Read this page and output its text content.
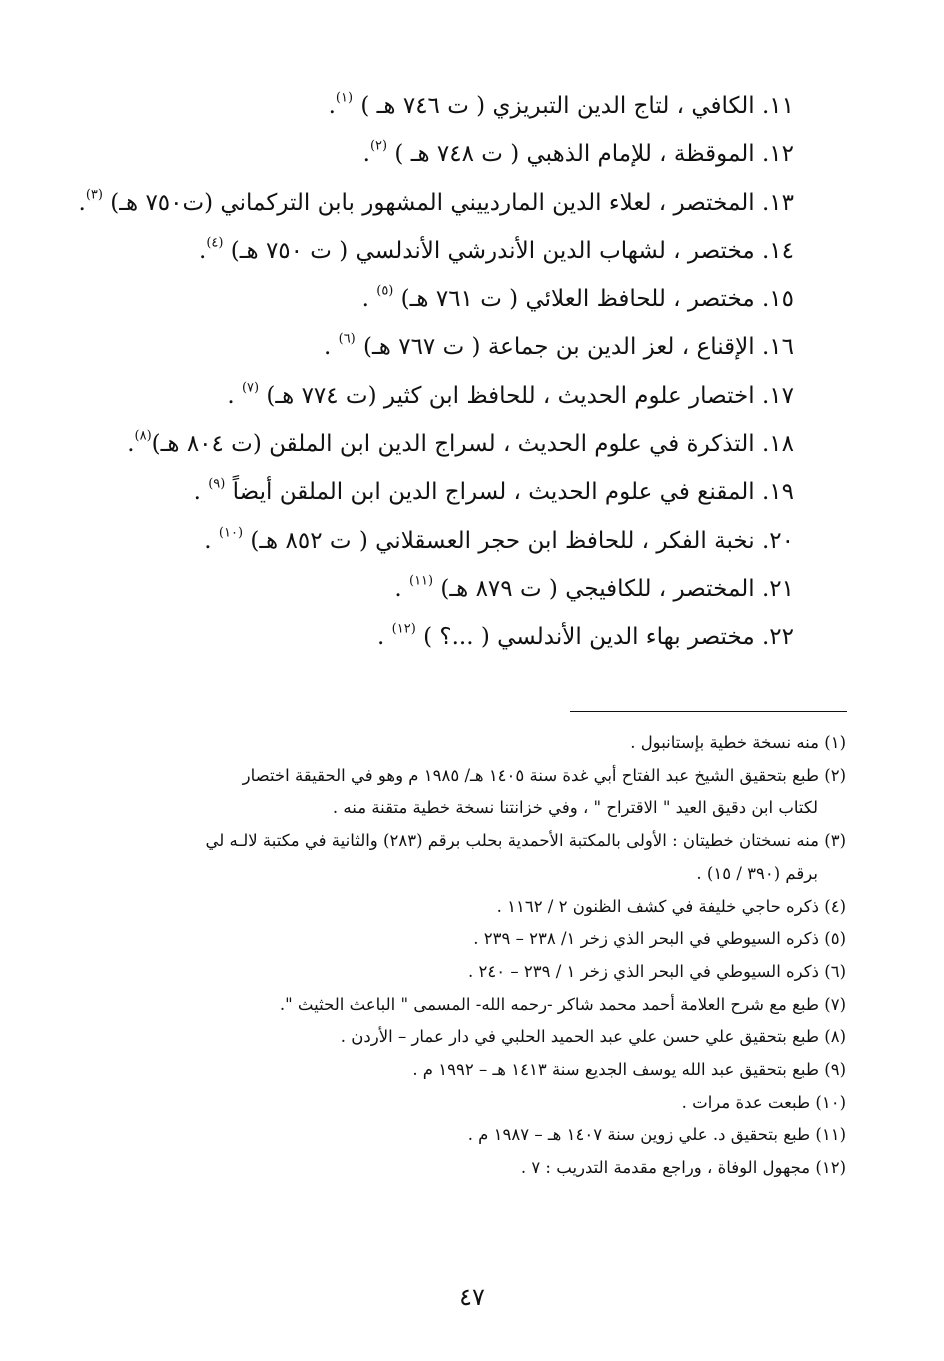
١١. الكافي ، لتاج الدين التبريزي ( ت ٧٤٦ هـ ) $^{(١)}$.
١٢. الموقظة ، للإمام الذهبي ( ت ٧٤٨ هـ ) $^{(٢)}$.
١٣. المختصر ، لعلاء الدين الماردييني المشهور بابن التركماني (ت٧٥٠ هـ) $^{(٣)}$.
١٤. مختصر ، لشهاب الدين الأندرشي الأندلسي ( ت ٧٥٠ هـ) $^{(٤)}$.
١٥. مختصر ، للحافظ العلائي ( ت ٧٦١ هـ) $^{(٥)}$ .
١٦. الإقناع ، لعز الدين بن جماعة ( ت ٧٦٧ هـ) $^{(٦)}$ .
١٧. اختصار علوم الحديث ، للحافظ ابن كثير (ت ٧٧٤ هـ) $^{(٧)}$ .
١٨. التذكرة في علوم الحديث ، لسراج الدين ابن الملقن (ت ٨٠٤ هـ)$^{(٨)}$.
١٩. المقنع في علوم الحديث ، لسراج الدين ابن الملقن أيضاً $^{(٩)}$ .
٢٠. نخبة الفكر ، للحافظ ابن حجر العسقلاني ( ت ٨٥٢ هـ) $^{(١٠)}$ .
٢١. المختصر ، للكافيجي ( ت ٨٧٩ هـ) $^{(١١)}$ .
٢٢. مختصر بهاء الدين الأندلسي ( ...؟ ) $^{(١٢)}$ .
(١) منه نسخة خطية بإستانبول .
(٢) طبع بتحقيق الشيخ عبد الفتاح أبي غدة سنة ١٤٠٥ هـ/ ١٩٨٥ م وهو في الحقيقة اختصار
لكتاب ابن دقيق العيد " الاقتراح " ، وفي خزانتنا نسخة خطية متقنة منه .
(٣) منه نسختان خطيتان : الأولى بالمكتبة الأحمدية بحلب برقم (٢٨٣) والثانية في مكتبة لالـه لي
برقم (٣٩٠ / ١٥) .
(٤) ذكره حاجي خليفة في كشف الظنون ٢ / ١١٦٢ .
(٥) ذكره السيوطي في البحر الذي زخر ١/ ٢٣٨ – ٢٣٩ .
(٦) ذكره السيوطي في البحر الذي زخر ١ / ٢٣٩ – ٢٤٠ .
(٧) طبع مع شرح العلامة أحمد محمد شاكر -رحمه الله- المسمى " الباعث الحثيث ".
(٨) طبع بتحقيق علي حسن علي عبد الحميد الحلبي في دار عمار – الأردن .
(٩) طبع بتحقيق عبد الله يوسف الجديع سنة ١٤١٣ هـ – ١٩٩٢ م .
(١٠) طبعت عدة مرات .
(١١) طبع بتحقيق د. علي زوين سنة ١٤٠٧ هـ – ١٩٨٧ م .
(١٢) مجهول الوفاة ، وراجع مقدمة التدريب : ٧ .
٤٧
